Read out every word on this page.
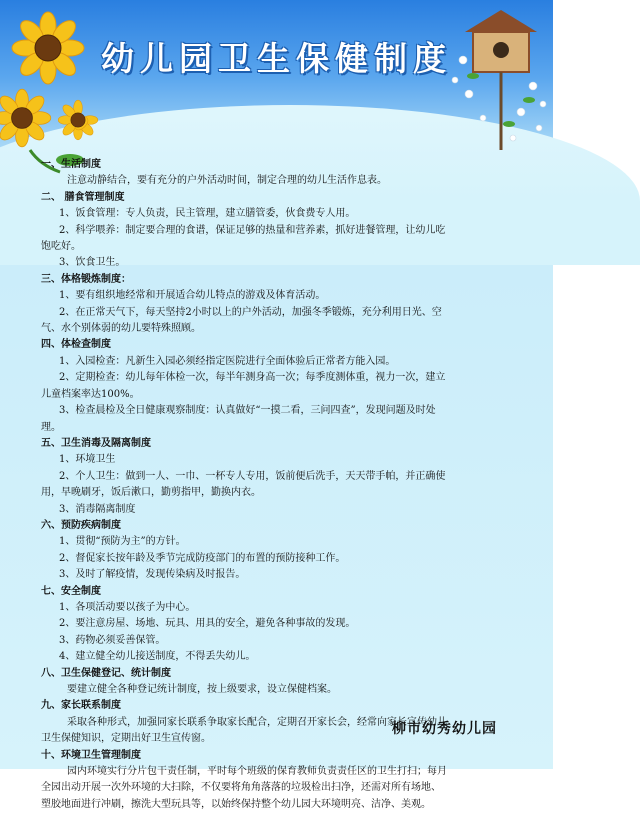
幼儿园卫生保健制度

一、生活制度

注意动静结合，要有充分的户外活动时间，制定合理的幼儿生活作息表。

二、 膳食管理制度

1、饭食管理：专人负责，民主管理，建立膳管委，伙食费专人用。

2、科学喂养：制定要合理的食谱，保证足够的热量和营养素，抓好进餐管理，让幼儿吃

饱吃好。

3、饮食卫生。

三、体格锻炼制度：

1、要有组织地经常和开展适合幼儿特点的游戏及体育活动。

2、在正常天气下，每天坚持2小时以上的户外活动，加强冬季锻炼，充分利用日光、空

气、水个别体弱的幼儿要特殊照顾。

四、体检查制度

1、入园检查：凡新生入园必须经指定医院进行全面体验后正常者方能入园。

2、定期检查：幼儿每年体检一次，每半年测身高一次；每季度测体重，视力一次，建立

儿童档案率达100%。

3、检查晨检及全日健康观察制度：认真做好“一摸二看，三问四查”，发现问题及时处

理。

五、卫生消毒及隔离制度

1、环境卫生

2、个人卫生：做到一人、一巾、一杯专人专用，饭前便后洗手，天天带手帕，并正确使

用，早晚刷牙，饭后漱口，勤剪指甲，勤换内衣。

3、消毒隔离制度

六、预防疾病制度

1、贯彻“预防为主”的方针。

2、督促家长按年龄及季节完成防疫部门的布置的预防接种工作。

3、及时了解疫情，发现传染病及时报告。

七、安全制度

1、各项活动要以孩子为中心。

2、要注意房屋、场地、玩具、用具的安全，避免各种事故的发现。

3、药物必须妥善保管。

4、建立健全幼儿接送制度，不得丢失幼儿。

八、卫生保健登记、统计制度

要建立健全各种登记统计制度，按上级要求，设立保健档案。

九、家长联系制度

采取各种形式，加强同家长联系争取家长配合，定期召开家长会，经常向家长宣传幼儿

卫生保健知识，定期出好卫生宣传窗。

十、环境卫生管理制度

园内环境实行分片包干责任制，平时每个班级的保育教师负责责任区的卫生打扫；每月

全园出动开展一次外环境的大扫除，不仅要将角角落落的垃圾检出扫净，还需对所有场地、

塑胶地面进行冲刷，擦洗大型玩具等，以始终保持整个幼儿园大环境明亮、洁净、美观。

柳市幼秀幼儿园
